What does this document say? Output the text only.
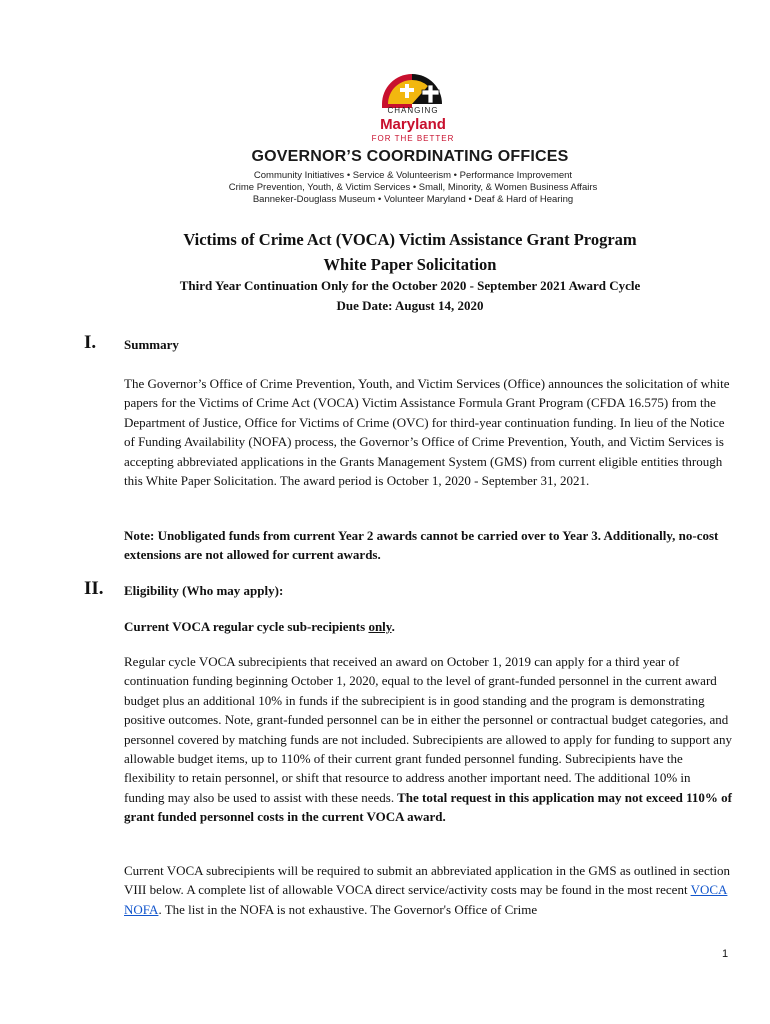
CHANGING
Maryland
FOR THE BETTER
GOVERNOR’S COORDINATING OFFICES
Community Initiatives • Service & Volunteerism • Performance Improvement
Crime Prevention, Youth, & Victim Services • Small, Minority, & Women Business Affairs
Banneker-Douglass Museum • Volunteer Maryland • Deaf & Hard of Hearing
Victims of Crime Act (VOCA) Victim Assistance Grant Program
White Paper Solicitation
Third Year Continuation Only for the October 2020 - September 2021 Award Cycle
Due Date: August 14, 2020
I. Summary

The Governor’s Office of Crime Prevention, Youth, and Victim Services (Office) announces the solicitation of white papers for the Victims of Crime Act (VOCA) Victim Assistance Formula Grant Program (CFDA 16.575) from the Department of Justice, Office for Victims of Crime (OVC) for third-year continuation funding. In lieu of the Notice of Funding Availability (NOFA) process, the Governor’s Office of Crime Prevention, Youth, and Victim Services is accepting abbreviated applications in the Grants Management System (GMS) from current eligible entities through this White Paper Solicitation. The award period is October 1, 2020 - September 31, 2021.

Note: Unobligated funds from current Year 2 awards cannot be carried over to Year 3. Additionally, no-cost extensions are not allowed for current awards.

II. Eligibility (Who may apply):
Current VOCA regular cycle sub-recipients only.

Regular cycle VOCA subrecipients that received an award on October 1, 2019 can apply for a third year of continuation funding beginning October 1, 2020, equal to the level of grant-funded personnel in the current award budget plus an additional 10% in funds if the subrecipient is in good standing and the program is demonstrating positive outcomes. Note, grant-funded personnel can be in either the personnel or contractual budget categories, and personnel covered by matching funds are not included. Subrecipients are allowed to apply for funding to support any allowable budget items, up to 110% of their current grant funded personnel funding. Subrecipients have the flexibility to retain personnel, or shift that resource to address another important need. The additional 10% in funding may also be used to assist with these needs. The total request in this application may not exceed 110% of grant funded personnel costs in the current VOCA award.

Current VOCA subrecipients will be required to submit an abbreviated application in the GMS as outlined in section VIII below. A complete list of allowable VOCA direct service/activity costs may be found in the most recent VOCA NOFA. The list in the NOFA is not exhaustive. The Governor's Office of Crime

1
